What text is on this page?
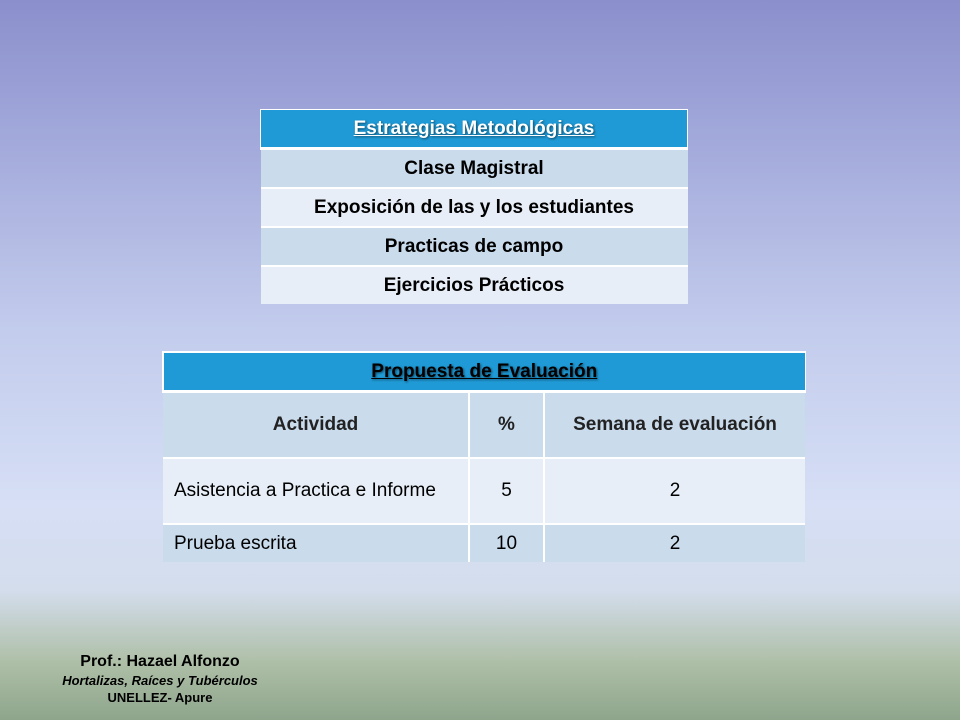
Estrategias Metodológicas
Clase Magistral
Exposición de las y los estudiantes
Practicas de campo
Ejercicios Prácticos
Propuesta de Evaluación		
Actividad	%	Semana de evaluación
Asistencia a Practica e Informe	5	2
Prueba escrita	10	2
Prof.: Hazael Alfonzo
Hortalizas, Raíces y Tubérculos
UNELLEZ- Apure
